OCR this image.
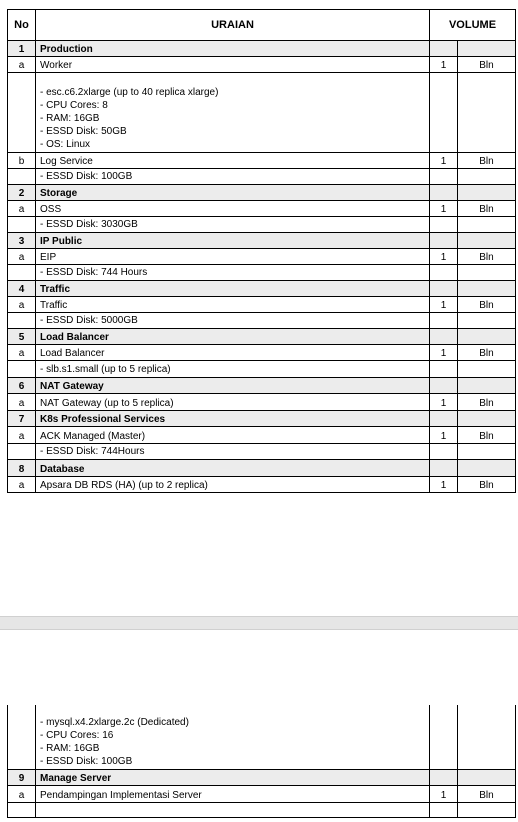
No	URAIAN	VOLUME	
1	Production		
a	Worker	1	Bln

	- esc.c6.2xlarge (up to 40 replica xlarge)
- CPU Cores: 8
- RAM: 16GB
- ESSD Disk: 50GB
- OS: Linux		

b	Log Service	1	Bln
	- ESSD Disk: 100GB		
2	Storage		
a	OSS	1	Bln
	- ESSD Disk: 3030GB		
3	IP Public		
a	EIP	1	Bln
	- ESSD Disk: 744 Hours		
4	Traffic		
a	Traffic	1	Bln
	- ESSD Disk: 5000GB		
5	Load Balancer		
a	Load Balancer	1	Bln
	- slb.s1.small (up to 5 replica)		
6	NAT Gateway		
a	NAT Gateway (up to 5 replica)	1	Bln
7	K8s Professional Services		
a	ACK Managed (Master)	1	Bln
	- ESSD Disk: 744Hours		
8	Database		
a	Apsara DB RDS (HA) (up to 2 replica)	1	Bln

	- mysql.x4.2xlarge.2c (Dedicated)
- CPU Cores: 16
- RAM: 16GB
- ESSD Disk: 100GB		

9	Manage Server		
a	Pendampingan Implementasi Server	1	Bln
